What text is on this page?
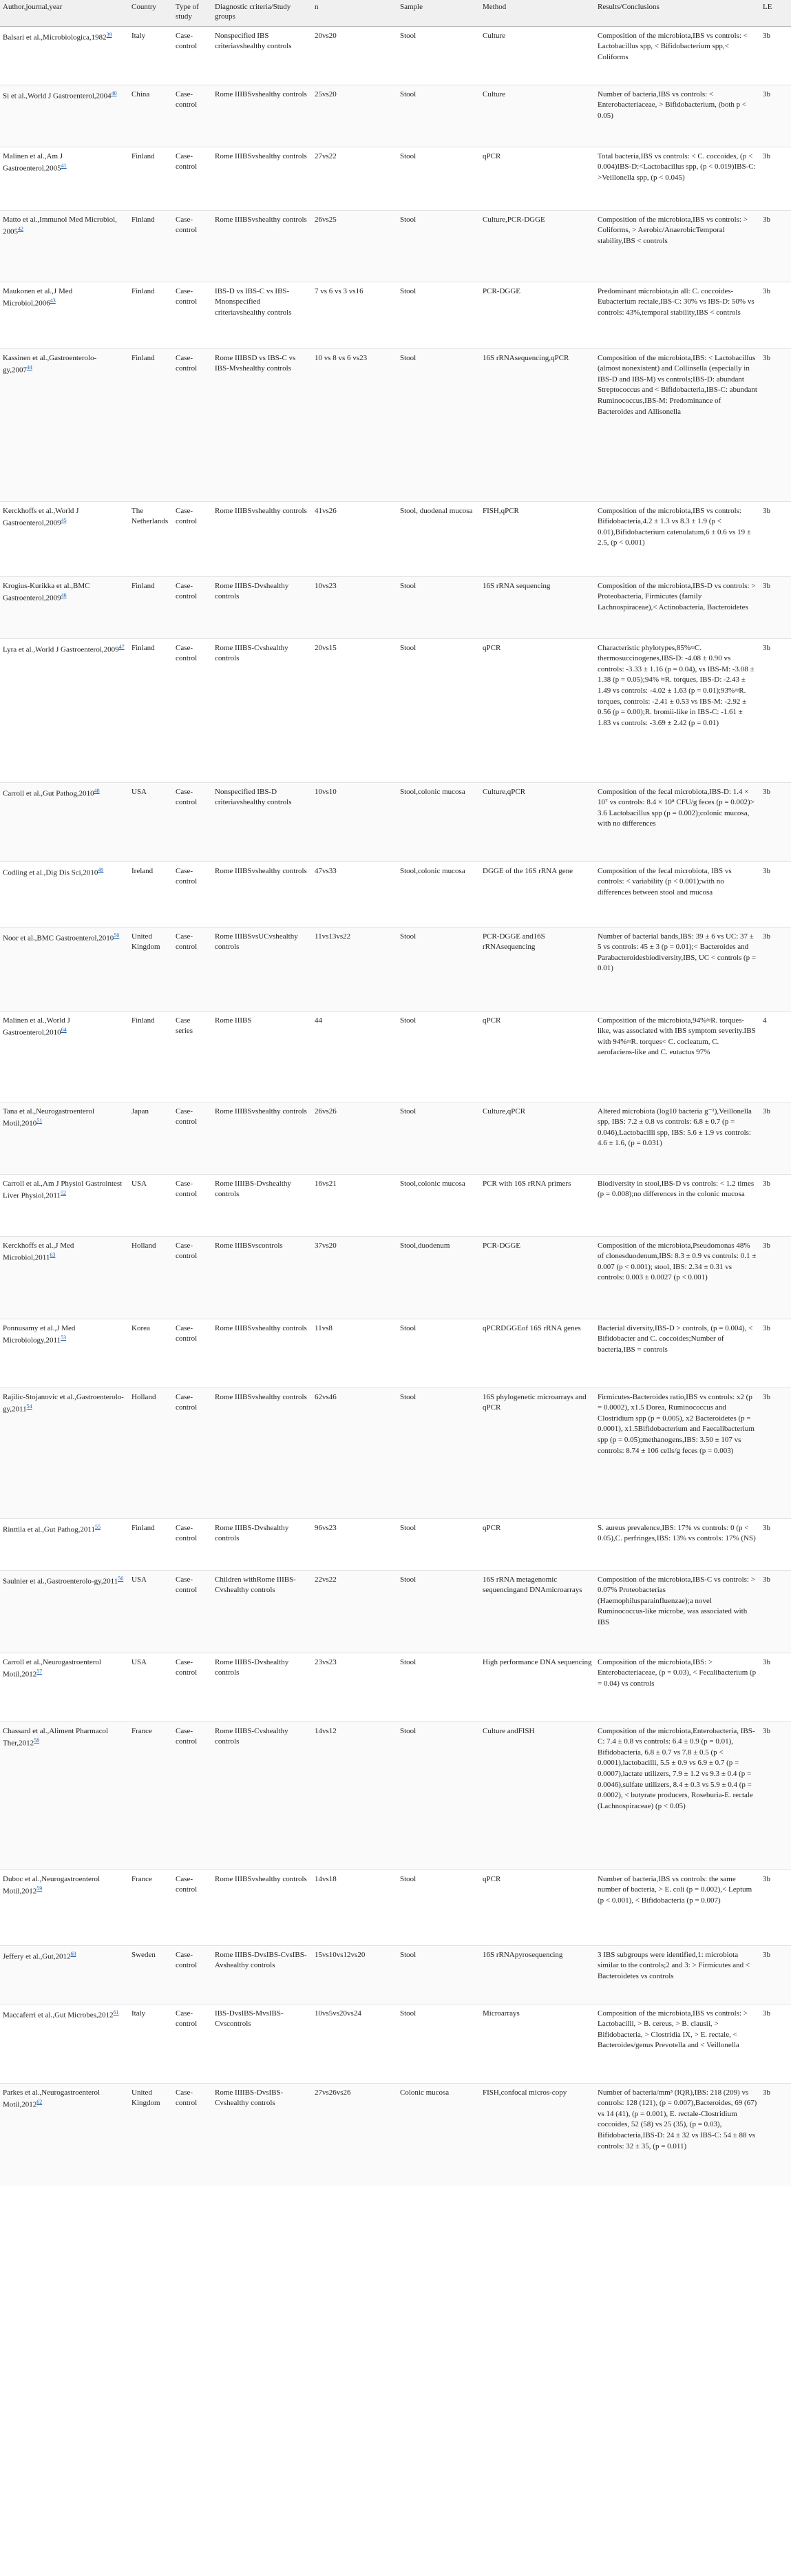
Author,journal,year	Country	Type of study	Diagnostic criteria/Study groups	n	Sample	Method	Results/Conclusions	LE
Balsari et al.,Microbiologica,1982$^{39}$	Italy	Case-control	Nonspecified IBS criteriavshealthy controls	20vs20	Stool	Culture	Composition of the microbiota,IBS vs controls: < Lactobacillus spp, < Bifidobacterium spp,< Coliforms	3b
Si et al.,World J Gastroenterol,2004$^{40}$	China	Case-control	Rome IIIBSvshealthy controls	25vs20	Stool	Culture	Number of bacteria,IBS vs controls: < Enterobacteriaceae, > Bifidobacterium, (both p < 0.05)	3b
Malinen et al.,Am J Gastroenterol,2005$^{41}$	Finland	Case-control	Rome IIIBSvshealthy controls	27vs22	Stool	qPCR	Total bacteria,IBS vs controls: < C. coccoides, (p < 0.004)IBS-D:<Lactobacillus spp, (p < 0.019)IBS-C: >Veillonella spp, (p < 0.045)	3b
Matto et al.,Immunol Med Microbiol, 2005$^{42}$	Finland	Case-control	Rome IIIBSvshealthy controls	26vs25	Stool	Culture,PCR-DGGE	Composition of the microbiota,IBS vs controls: > Coliforms, > Aerobic/AnaerobicTemporal stability,IBS < controls	3b
Maukonen et al.,J Med Microbiol,2006$^{43}$	Finland	Case-control	IBS-D vs IBS-C vs IBS-Mnonspecified criteriavshealthy controls	7 vs 6 vs 3 vs16	Stool	PCR-DGGE	Predominant microbiota,in all: C. coccoides-Eubacterium rectale,IBS-C: 30% vs IBS-D: 50% vs controls: 43%,temporal stability,IBS < controls	3b
Kassinen et al.,Gastroenterolo-gy,2007$^{44}$	Finland	Case-control	Rome IIIBSD vs IBS-C vs IBS-Mvshealthy controls	10 vs 8 vs 6 vs23	Stool	16S rRNAsequencing,qPCR	Composition of the microbiota,IBS: < Lactobacillus (almost nonexistent) and Collinsella (especially in IBS-D and IBS-M) vs controls;IBS-D: abundant Streptococcus and < Bifidobacteria,IBS-C: abundant Ruminococcus,IBS-M: Predominance of Bacteroides and Allisonella	3b
Kerckhoffs et al.,World J Gastroenterol,2009$^{45}$	The Netherlands	Case-control	Rome IIIBSvshealthy controls	41vs26	Stool, duodenal mucosa	FISH,qPCR	Composition of the microbiota,IBS vs controls: Bifidobacteria,4.2 ± 1.3 vs 8.3 ± 1.9 (p < 0.01),Bifidobacterium catenulatum,6 ± 0.6 vs 19 ± 2.5, (p < 0.001)	3b
Krogius-Kurikka et al.,BMC Gastroenterol,2009$^{46}$	Finland	Case-control	Rome IIIBS-Dvshealthy controls	10vs23	Stool	16S rRNA sequencing	Composition of the microbiota,IBS-D vs controls: > Proteobacteria, Firmicutes (family Lachnospiraceae),< Actinobacteria, Bacteroidetes	3b
Lyra et al.,World J Gastroenterol,2009$^{47}$	Finland	Case-control	Rome IIIBS-Cvshealthy controls	20vs15	Stool	qPCR	Characteristic phylotypes,85%≈C. thermosuccinogenes,IBS-D: -4.08 ± 0.90 vs controls: -3.33 ± 1.16 (p = 0.04), vs IBS-M: -3.08 ± 1.38 (p = 0.05);94% ≈R. torques, IBS-D: -2.43 ± 1.49 vs controls: -4.02 ± 1.63 (p = 0.01);93%≈R. torques, controls: -2.41 ± 0.53 vs IBS-M: -2.92 ± 0.56 (p = 0.00);R. bromii-like in IBS-C: -1.61 ± 1.83 vs controls: -3.69 ± 2.42 (p = 0.01)	3b
Carroll et al.,Gut Pathog,2010$^{48}$	USA	Case-control	Nonspecified IBS-D criteriavshealthy controls	10vs10	Stool,colonic mucosa	Culture,qPCR	Composition of the fecal microbiota,IBS-D: 1.4 × 10⁷ vs controls: 8.4 × 10⁸ CFU/g feces (p = 0.002)> 3.6 Lactobacillus spp (p = 0.002);colonic mucosa, with no differences	3b
Codling et al.,Dig Dis Sci,2010$^{49}$	Ireland	Case-control	Rome IIIBSvshealthy controls	47vs33	Stool,colonic mucosa	DGGE of the 16S rRNA gene	Composition of the fecal microbiota, IBS vs controls: < variability (p < 0.001);with no differences between stool and mucosa	3b
Noor et al.,BMC Gastroenterol,2010$^{50}$	United Kingdom	Case-control	Rome IIIBSvsUCvshealthy controls	11vs13vs22	Stool	PCR-DGGE and16S rRNAsequencing	Number of bacterial bands,IBS: 39 ± 6 vs UC: 37 ± 5 vs controls: 45 ± 3 (p = 0.01);< Bacteroides and Parabacteroidesbiodiversity,IBS, UC < controls (p = 0.01)	3b
Malinen et al.,World J Gastroenterol,2010$^{64}$	Finland	Case series	Rome IIIBS	44	Stool	qPCR	Composition of the microbiota,94%≈R. torques-like, was associated with IBS symptom severity.IBS with 94%≈R. torques< C. cocleatum, C. aerofaciens-like and C. eutactus 97%	4
Tana et al.,Neurogastroenterol Motil,2010$^{51}$	Japan	Case-control	Rome IIIBSvshealthy controls	26vs26	Stool	Culture,qPCR	Altered microbiota (log10 bacteria g⁻¹),Veillonella spp, IBS: 7.2 ± 0.8 vs controls: 6.8 ± 0.7 (p = 0.046),Lactobacilli spp, IBS: 5.6 ± 1.9 vs controls: 4.6 ± 1.6, (p = 0.031)	3b
Carroll et al.,Am J Physiol Gastrointest Liver Physiol,2011$^{52}$	USA	Case-control	Rome IIIIBS-Dvshealthy controls	16vs21	Stool,colonic mucosa	PCR with 16S rRNA primers	Biodiversity in stool,IBS-D vs controls: < 1.2 times (p = 0.008);no differences in the colonic mucosa	3b
Kerckhoffs et al.,J Med Microbiol,2011$^{63}$	Holland	Case-control	Rome IIIBSvscontrols	37vs20	Stool,duodenum	PCR-DGGE	Composition of the microbiota,Pseudomonas 48% of clonesduodenum,IBS: 8.3 ± 0.9 vs controls: 0.1 ± 0.007 (p < 0.001); stool, IBS: 2.34 ± 0.31 vs controls: 0.003 ± 0.0027 (p < 0.001)	3b
Ponnusamy et al.,J Med Microbiology,2011$^{53}$	Korea	Case-control	Rome IIIBSvshealthy controls	11vs8	Stool	qPCRDGGEof 16S rRNA genes	Bacterial diversity,IBS-D > controls, (p = 0.004), < Bifidobacter and C. coccoides;Number of bacteria,IBS = controls	3b
Rajilic-Stojanovic et al.,Gastroenterolo-gy,2011$^{54}$	Holland	Case-control	Rome IIIBSvshealthy controls	62vs46	Stool	16S phylogenetic microarrays and qPCR	Firmicutes-Bacteroides ratio,IBS vs controls: x2 (p = 0.0002), x1.5 Dorea, Ruminococcus and Clostridium spp (p = 0.005), x2 Bacteroidetes (p = 0.0001), x1.5Bifidobacterium and Faecalibacterium spp (p = 0.05);methanogens,IBS: 3.50 ± 107 vs controls: 8.74 ± 106 cells/g feces (p = 0.003)	3b
Rinttila et al.,Gut Pathog,2011$^{55}$	Finland	Case-control	Rome IIIBS-Dvshealthy controls	96vs23	Stool	qPCR	S. aureus prevalence,IBS: 17% vs controls: 0 (p < 0.05),C. perfringes,IBS: 13% vs controls: 17% (NS)	3b
Saulnier et al.,Gastroenterolo-gy,2011$^{56}$	USA	Case-control	Children withRome IIIBS-Cvshealthy controls	22vs22	Stool	16S rRNA metagenomic sequencingand DNAmicroarrays	Composition of the microbiota,IBS-C vs controls: > 0.07% Proteobacterias (Haemophilusparainfluenzae);a novel Ruminococcus-like microbe, was associated with IBS	3b
Carroll et al.,Neurogastroenterol Motil,2012$^{57}$	USA	Case-control	Rome IIIBS-Dvshealthy controls	23vs23	Stool	High performance DNA sequencing	Composition of the microbiota,IBS: > Enterobacteriaceae, (p = 0.03), < Fecalibacterium (p = 0.04) vs controls	3b
Chassard et al.,Aliment Pharmacol Ther,2012$^{58}$	France	Case-control	Rome IIIBS-Cvshealthy controls	14vs12	Stool	Culture andFISH	Composition of the microbiota,Enterobacteria, IBS-C: 7.4 ± 0.8 vs controls: 6.4 ± 0.9 (p = 0.01), Bifidobacteria, 6.8 ± 0.7 vs 7.8 ± 0.5 (p < 0.0001),lactobacilli, 5.5 ± 0.9 vs 6.9 ± 0.7 (p = 0.0007),lactate utilizers, 7.9 ± 1.2 vs 9.3 ± 0.4 (p = 0.0046),sulfate utilizers, 8.4 ± 0.3 vs 5.9 ± 0.4 (p = 0.0002), < butyrate producers, Roseburia-E. rectale (Lachnospiraceae) (p < 0.05)	3b
Duboc et al.,Neurogastroenterol Motil,2012$^{59}$	France	Case-control	Rome IIIBSvshealthy controls	14vs18	Stool	qPCR	Number of bacteria,IBS vs controls: the same number of bacteria, > E. coli (p = 0.002),< Leptum (p < 0.001), < Bifidobacteria (p = 0.007)	3b
Jeffery et al.,Gut,2012$^{60}$	Sweden	Case-control	Rome IIIBS-DvsIBS-CvsIBS-Avshealthy controls	15vs10vs12vs20	Stool	16S rRNApyrosequencing	3 IBS subgroups were identified,1: microbiota similar to the controls;2 and 3: > Firmicutes and < Bacteroidetes vs controls	3b
Maccaferri et al.,Gut Microbes,2012$^{61}$	Italy	Case-control	IBS-DvsIBS-MvsIBS-Cvscontrols	10vs5vs20vs24	Stool	Microarrays	Composition of the microbiota,IBS vs controls: > Lactobacilli, > B. cereus, > B. clausii, > Bifidobacteria, > Clostridia IX, > E. rectale, < Bacteroides/genus Prevotella and < Veillonella	3b
Parkes et al.,Neurogastroenterol Motil,2012$^{62}$	United Kingdom	Case-control	Rome IIIIBS-DvsIBS-Cvshealthy controls	27vs26vs26	Colonic mucosa	FISH,confocal micros-copy	Number of bacteria/mm³ (IQR),IBS: 218 (209) vs controls: 128 (121), (p = 0.007),Bacteroides, 69 (67) vs 14 (41), (p = 0.001), E. rectale-Clostridium coccoides, 52 (58) vs 25 (35), (p = 0.03), Bifidobacteria,IBS-D: 24 ± 32 vs IBS-C: 54 ± 88 vs controls: 32 ± 35, (p = 0.011)	3b
